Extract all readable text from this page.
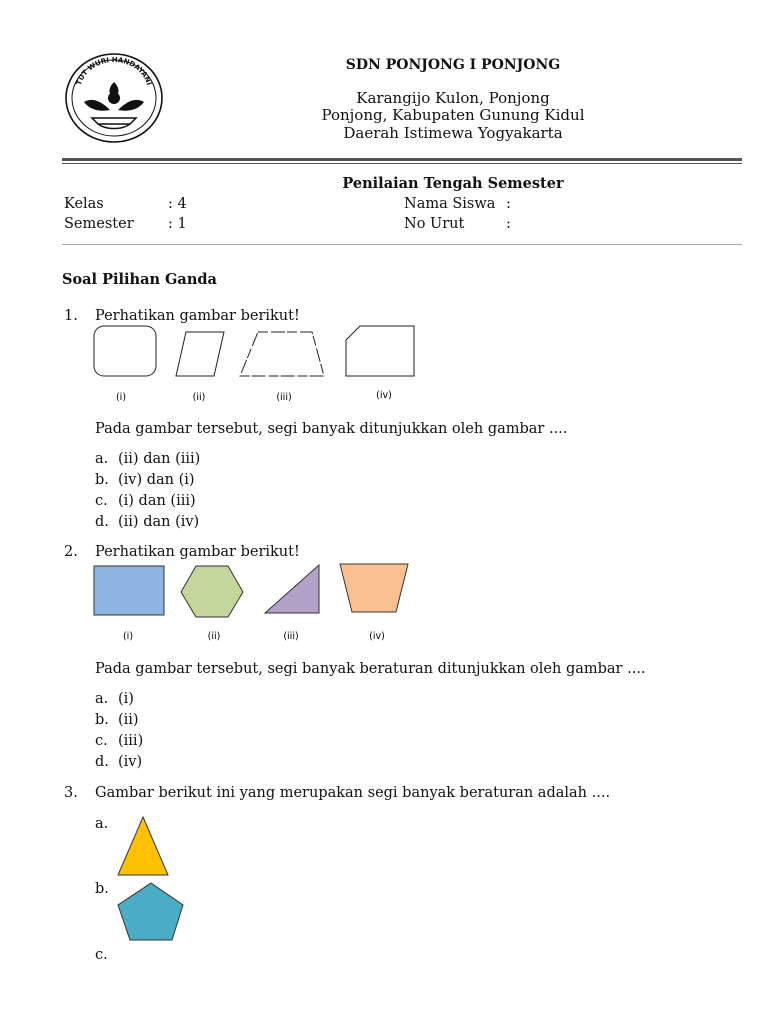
TUT WURI HANDAYANI
SDN PONJONG I PONJONG
Karangijo Kulon, Ponjong
Ponjong, Kabupaten Gunung Kidul
Daerah Istimewa Yogyakarta
Penilaian Tengah Semester
Kelas	: 4
Semester : 1
Nama Siswa :
No Urut	:
Soal Pilihan Ganda
1. Perhatikan gambar berikut!
(i)	(ii)	(iii)	(iv)
Pada gambar tersebut, segi banyak ditunjukkan oleh gambar ....
a. (ii) dan (iii)
b. (iv) dan (i)
c. (i) dan (iii)
d. (ii) dan (iv)
2. Perhatikan gambar berikut!
(i)	(ii)	(iii)	(iv)
Pada gambar tersebut, segi banyak beraturan ditunjukkan oleh gambar ....
a. (i)
b. (ii)
c. (iii)
d. (iv)
3. Gambar berikut ini yang merupakan segi banyak beraturan adalah ....
a.
b.
c.
